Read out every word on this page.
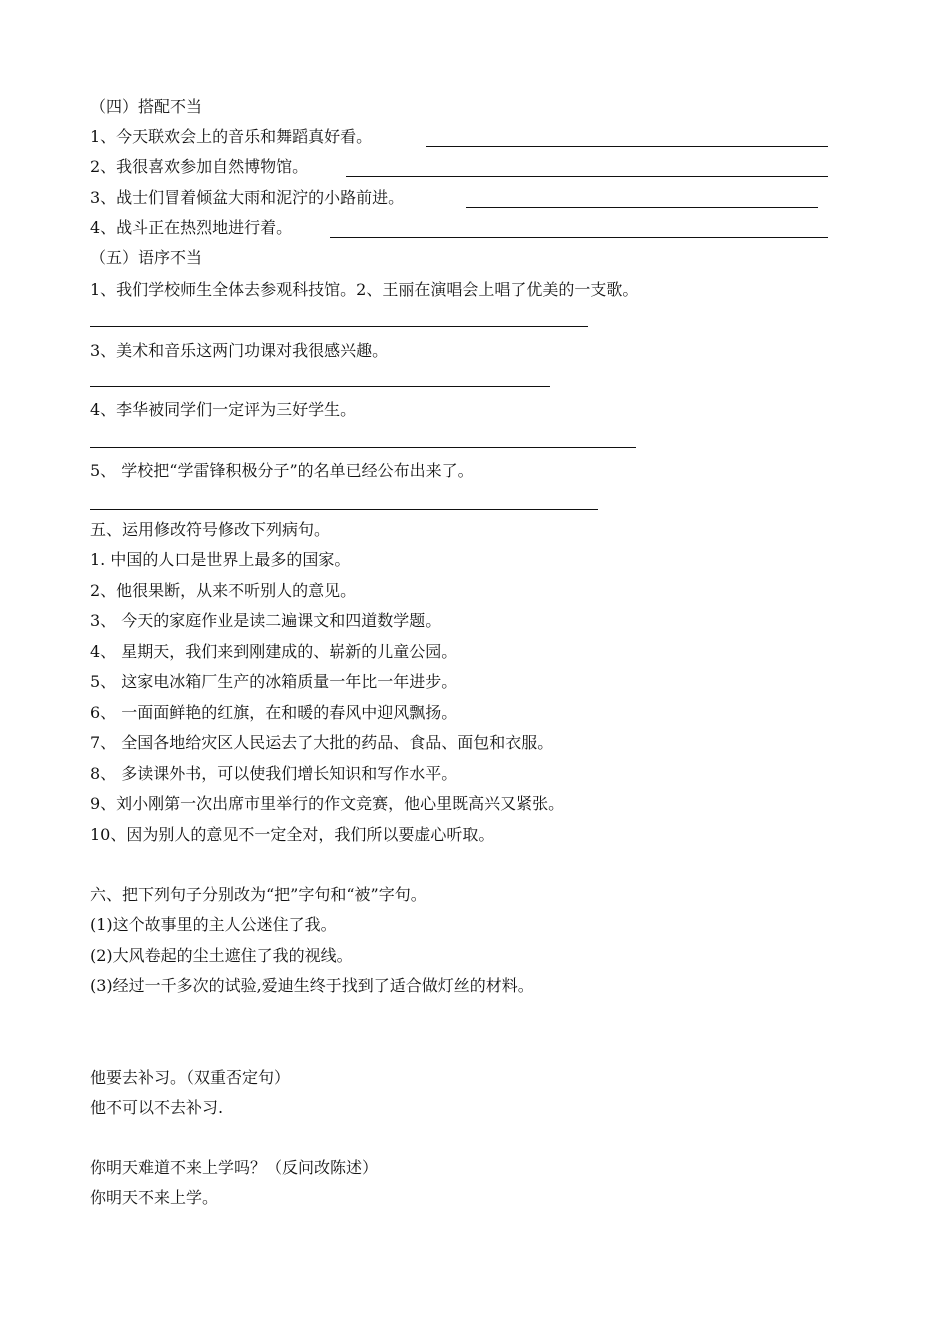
（四）搭配不当
1、今天联欢会上的音乐和舞蹈真好看。
2、我很喜欢参加自然博物馆。
3、战士们冒着倾盆大雨和泥泞的小路前进。
4、战斗正在热烈地进行着。
（五）语序不当
1、我们学校师生全体去参观科技馆。2、王丽在演唱会上唱了优美的一支歌。
3、美术和音乐这两门功课对我很感兴趣。
4、李华被同学们一定评为三好学生。
5、 学校把“学雷锋积极分子”的名单已经公布出来了。
五、运用修改符号修改下列病句。
1. 中国的人口是世界上最多的国家。
2、他很果断，从来不听别人的意见。
3、 今天的家庭作业是读二遍课文和四道数学题。
4、 星期天，我们来到刚建成的、崭新的儿童公园。
5、 这家电冰箱厂生产的冰箱质量一年比一年进步。
6、 一面面鲜艳的红旗，在和暖的春风中迎风飘扬。
7、 全国各地给灾区人民运去了大批的药品、食品、面包和衣服。
8、 多读课外书，可以使我们增长知识和写作水平。
9、刘小刚第一次出席市里举行的作文竞赛，他心里既高兴又紧张。
10、因为别人的意见不一定全对，我们所以要虚心听取。
六、把下列句子分别改为“把”字句和“被”字句。
(1)这个故事里的主人公迷住了我。
(2)大风卷起的尘土遮住了我的视线。
(3)经过一千多次的试验,爱迪生终于找到了适合做灯丝的材料。
他要去补习。（双重否定句）
他不可以不去补习.
你明天难道不来上学吗？（反问改陈述）
你明天不来上学。
